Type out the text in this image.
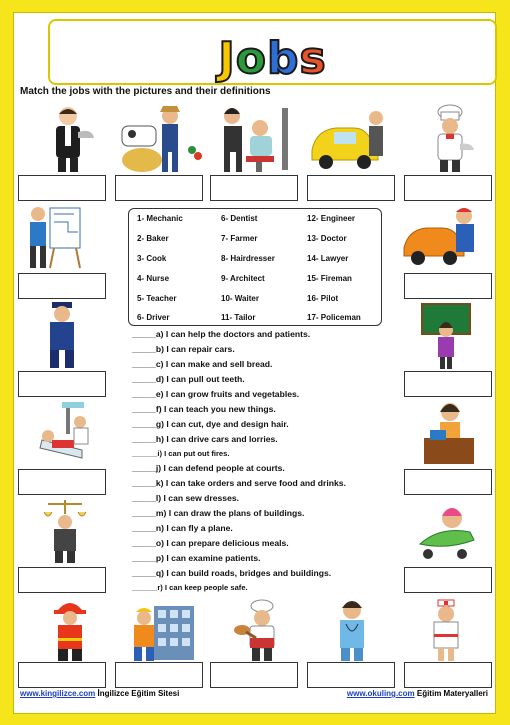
Jobs
Match the jobs with the pictures and their definitions
1- Mechanic
2- Baker
3- Cook
4- Nurse
5- Teacher
6- Driver
6- Dentist
7- Farmer
8- Hairdresser
9- Architect
10- Waiter
11- Tailor
12- Engineer
13- Doctor
14- Lawyer
15- Fireman
16- Pilot
17- Policeman
_____a) I can help the doctors and patients.
_____b) I can repair cars.
_____c) I can make and sell bread.
_____d) I can pull out teeth.
_____e) I can grow fruits and vegetables.
_____f) I can teach you new things.
_____g) I can cut, dye and design hair.
_____h) I can drive cars and lorries.
______i) I can put out fires.
_____j) I can defend people at courts.
_____k) I can take orders and serve food and drinks.
_____l) I can sew dresses.
_____m) I can draw the plans of buildings.
_____n) I can fly a plane.
_____o) I can prepare delicious meals.
_____p) I can examine patients.
_____q) I can build roads, bridges and buildings.
______r) I can keep people safe.
www.kingilizce.com İngilizce Eğitim Sitesi	www.okuling.com Eğitim Materyalleri
